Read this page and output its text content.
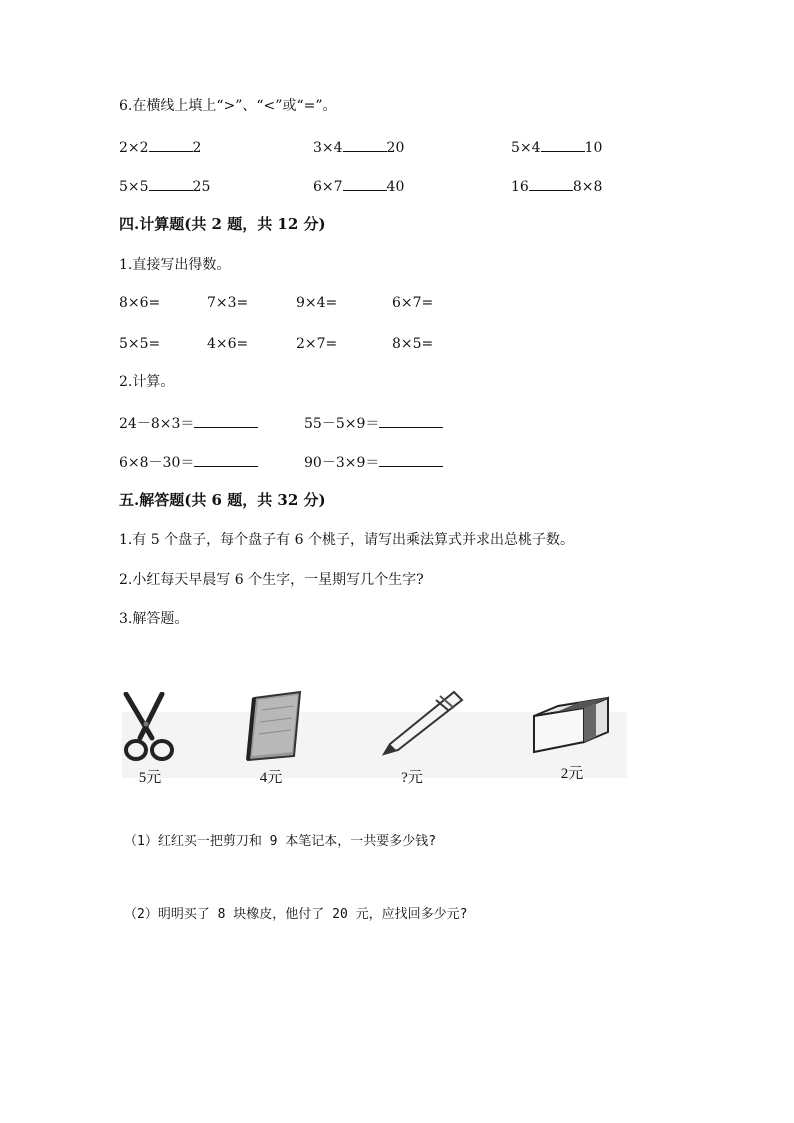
6.在横线上填上“>”、“<”或“=”。
2×2	2	3×4	20	5×4	10
5×5	25	6×7	40	16	8×8
四.计算题(共 2 题，共 12 分)
1.直接写出得数。
8×6=	7×3=	9×4=	6×7=
5×5=	4×6=	2×7=	8×5=
2.计算。
24－8×3＝	55－5×9＝
6×8－30＝	90－3×9＝
五.解答题(共 6 题，共 32 分)
1.有 5 个盘子，每个盘子有 6 个桃子，请写出乘法算式并求出总桃子数。
2.小红每天早晨写 6 个生字，一星期写几个生字?
3.解答题。
5元	4元	?元	2元
（1）红红买一把剪刀和 9 本笔记本，一共要多少钱?
（2）明明买了 8 块橡皮，他付了 20 元，应找回多少元?
